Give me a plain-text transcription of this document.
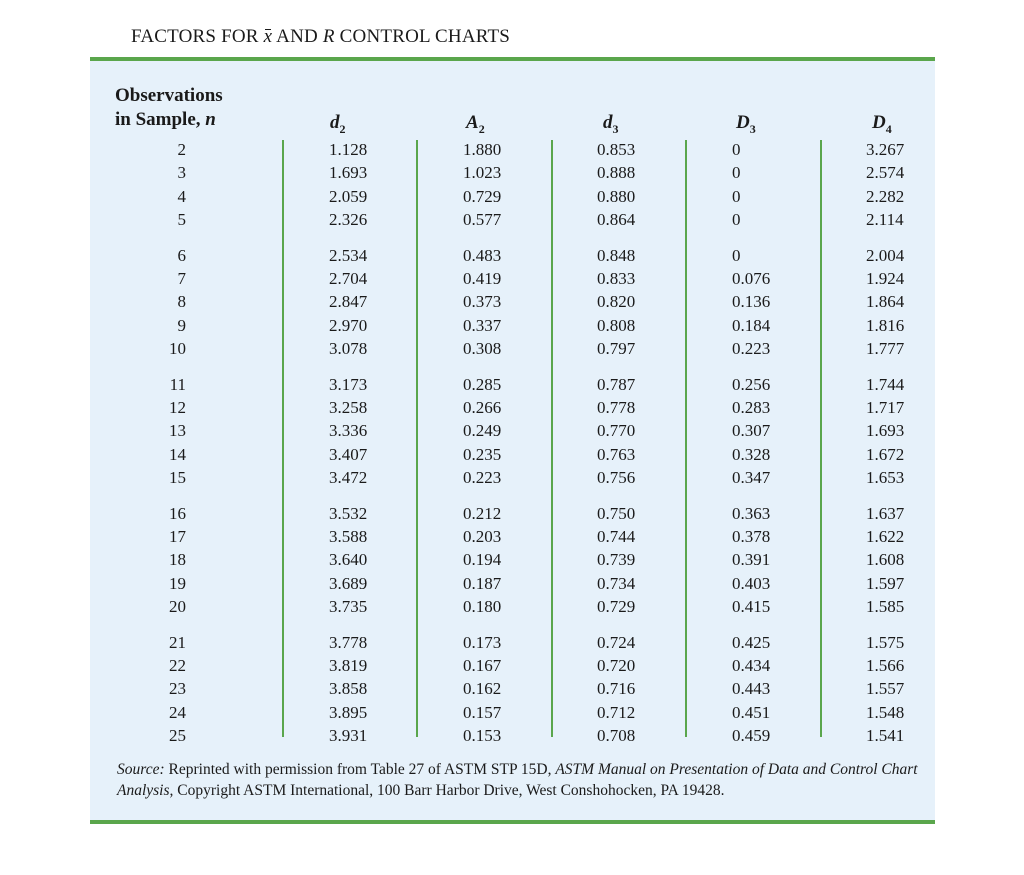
FACTORS FOR x AND R CONTROL CHARTS
Observations
in Sample, n	$d_2$	$A_2$	$d_3$	$D_3$	$D_4$
2	1.128	1.880	0.853	0	3.267
3	1.693	1.023	0.888	0	2.574
4	2.059	0.729	0.880	0	2.282
5	2.326	0.577	0.864	0	2.114
6	2.534	0.483	0.848	0	2.004
7	2.704	0.419	0.833	0.076	1.924
8	2.847	0.373	0.820	0.136	1.864
9	2.970	0.337	0.808	0.184	1.816
10	3.078	0.308	0.797	0.223	1.777
11	3.173	0.285	0.787	0.256	1.744
12	3.258	0.266	0.778	0.283	1.717
13	3.336	0.249	0.770	0.307	1.693
14	3.407	0.235	0.763	0.328	1.672
15	3.472	0.223	0.756	0.347	1.653
16	3.532	0.212	0.750	0.363	1.637
17	3.588	0.203	0.744	0.378	1.622
18	3.640	0.194	0.739	0.391	1.608
19	3.689	0.187	0.734	0.403	1.597
20	3.735	0.180	0.729	0.415	1.585
21	3.778	0.173	0.724	0.425	1.575
22	3.819	0.167	0.720	0.434	1.566
23	3.858	0.162	0.716	0.443	1.557
24	3.895	0.157	0.712	0.451	1.548
25	3.931	0.153	0.708	0.459	1.541
Source: Reprinted with permission from Table 27 of ASTM STP 15D, ASTM Manual on Presentation of Data and Control Chart Analysis, Copyright ASTM International, 100 Barr Harbor Drive, West Conshohocken, PA 19428.
